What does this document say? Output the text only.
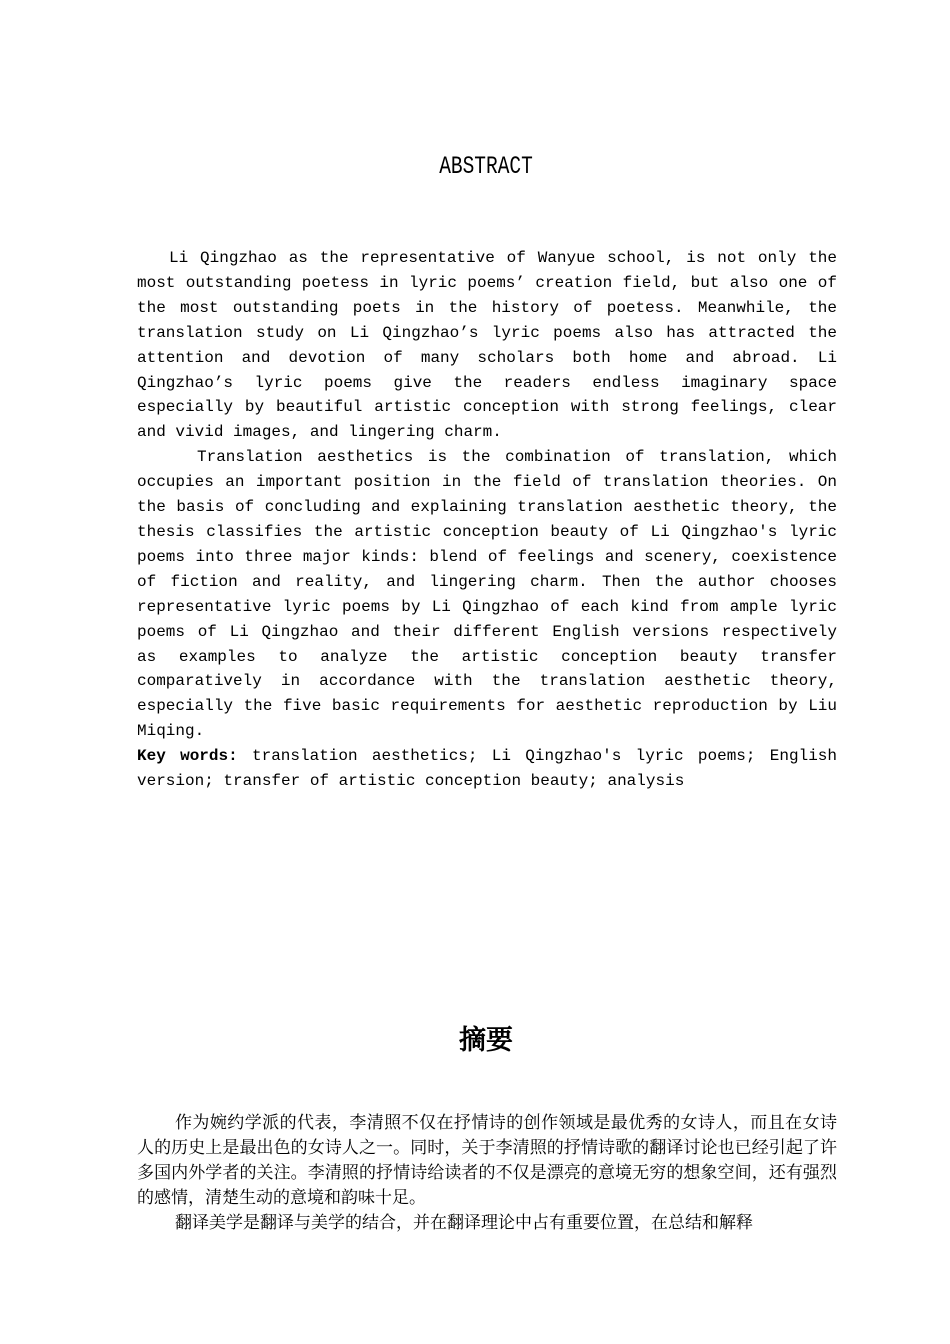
ABSTRACT

Li Qingzhao as the representative of Wanyue school, is not only the most outstanding poetess in lyric poems’ creation field, but also one of the most outstanding poets in the history of poetess. Meanwhile, the translation study on Li Qingzhao’s lyric poems also has attracted the attention and devotion of many scholars both home and abroad. Li Qingzhao’s lyric poems give the readers endless imaginary space especially by beautiful artistic conception with strong feelings, clear and vivid images, and lingering charm.

Translation aesthetics is the combination of translation, which occupies an important position in the field of translation theories. On the basis of concluding and explaining translation aesthetic theory, the thesis classifies the artistic conception beauty of Li Qingzhao's lyric poems into three major kinds: blend of feelings and scenery, coexistence of fiction and reality, and lingering charm. Then the author chooses representative lyric poems by Li Qingzhao of each kind from ample lyric poems of Li Qingzhao and their different English versions respectively as examples to analyze the artistic conception beauty transfer comparatively in accordance with the translation aesthetic theory, especially the five basic requirements for aesthetic reproduction by Liu Miqing.

Key words: translation aesthetics; Li Qingzhao's lyric poems; English version; transfer of artistic conception beauty; analysis

摘要

作为婉约学派的代表，李清照不仅在抒情诗的创作领域是最优秀的女诗人，而且在女诗人的历史上是最出色的女诗人之一。同时，关于李清照的抒情诗歌的翻译讨论也已经引起了许多国内外学者的关注。李清照的抒情诗给读者的不仅是漂亮的意境无穷的想象空间，还有强烈的感情，清楚生动的意境和韵味十足。

翻译美学是翻译与美学的结合，并在翻译理论中占有重要位置，在总结和解释
